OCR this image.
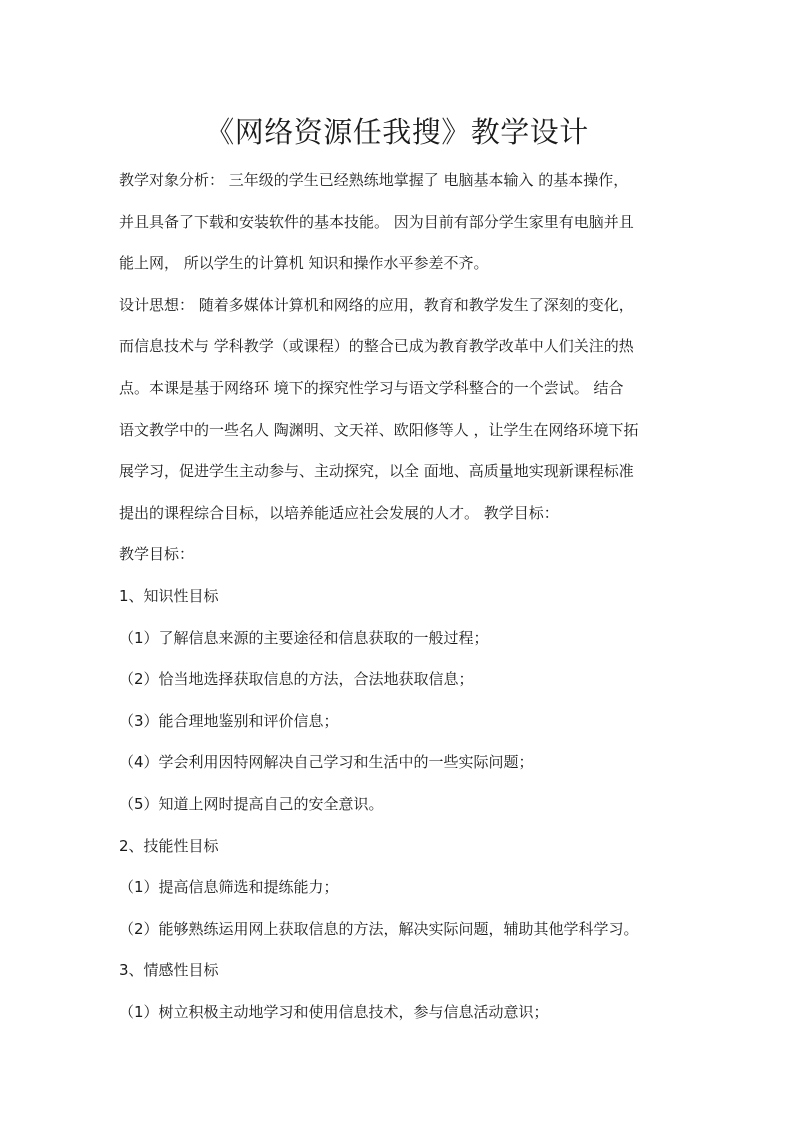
《网络资源任我搜》教学设计

教学对象分析： 三年级的学生已经熟练地掌握了 电脑基本输入 的基本操作，

并且具备了下载和安装软件的基本技能。 因为目前有部分学生家里有电脑并且

能上网， 所以学生的计算机 知识和操作水平参差不齐。

设计思想： 随着多媒体计算机和网络的应用，教育和教学发生了深刻的变化，

而信息技术与 学科教学（或课程）的整合已成为教育教学改革中人们关注的热

点。本课是基于网络环 境下的探究性学习与语文学科整合的一个尝试。 结合

语文教学中的一些名人 陶渊明、文天祥、欧阳修等人 ，让学生在网络环境下拓

展学习，促进学生主动参与、主动探究，以全 面地、高质量地实现新课程标准

提出的课程综合目标，以培养能适应社会发展的人才。 教学目标：

教学目标：

1、知识性目标

（1）了解信息来源的主要途径和信息获取的一般过程；

（2）恰当地选择获取信息的方法，合法地获取信息；

（3）能合理地鉴别和评价信息；

（4）学会利用因特网解决自己学习和生活中的一些实际问题；

（5）知道上网时提高自己的安全意识。

2、技能性目标

（1）提高信息筛选和提练能力；

（2）能够熟练运用网上获取信息的方法，解决实际问题，辅助其他学科学习。

3、情感性目标

（1）树立积极主动地学习和使用信息技术，参与信息活动意识；
